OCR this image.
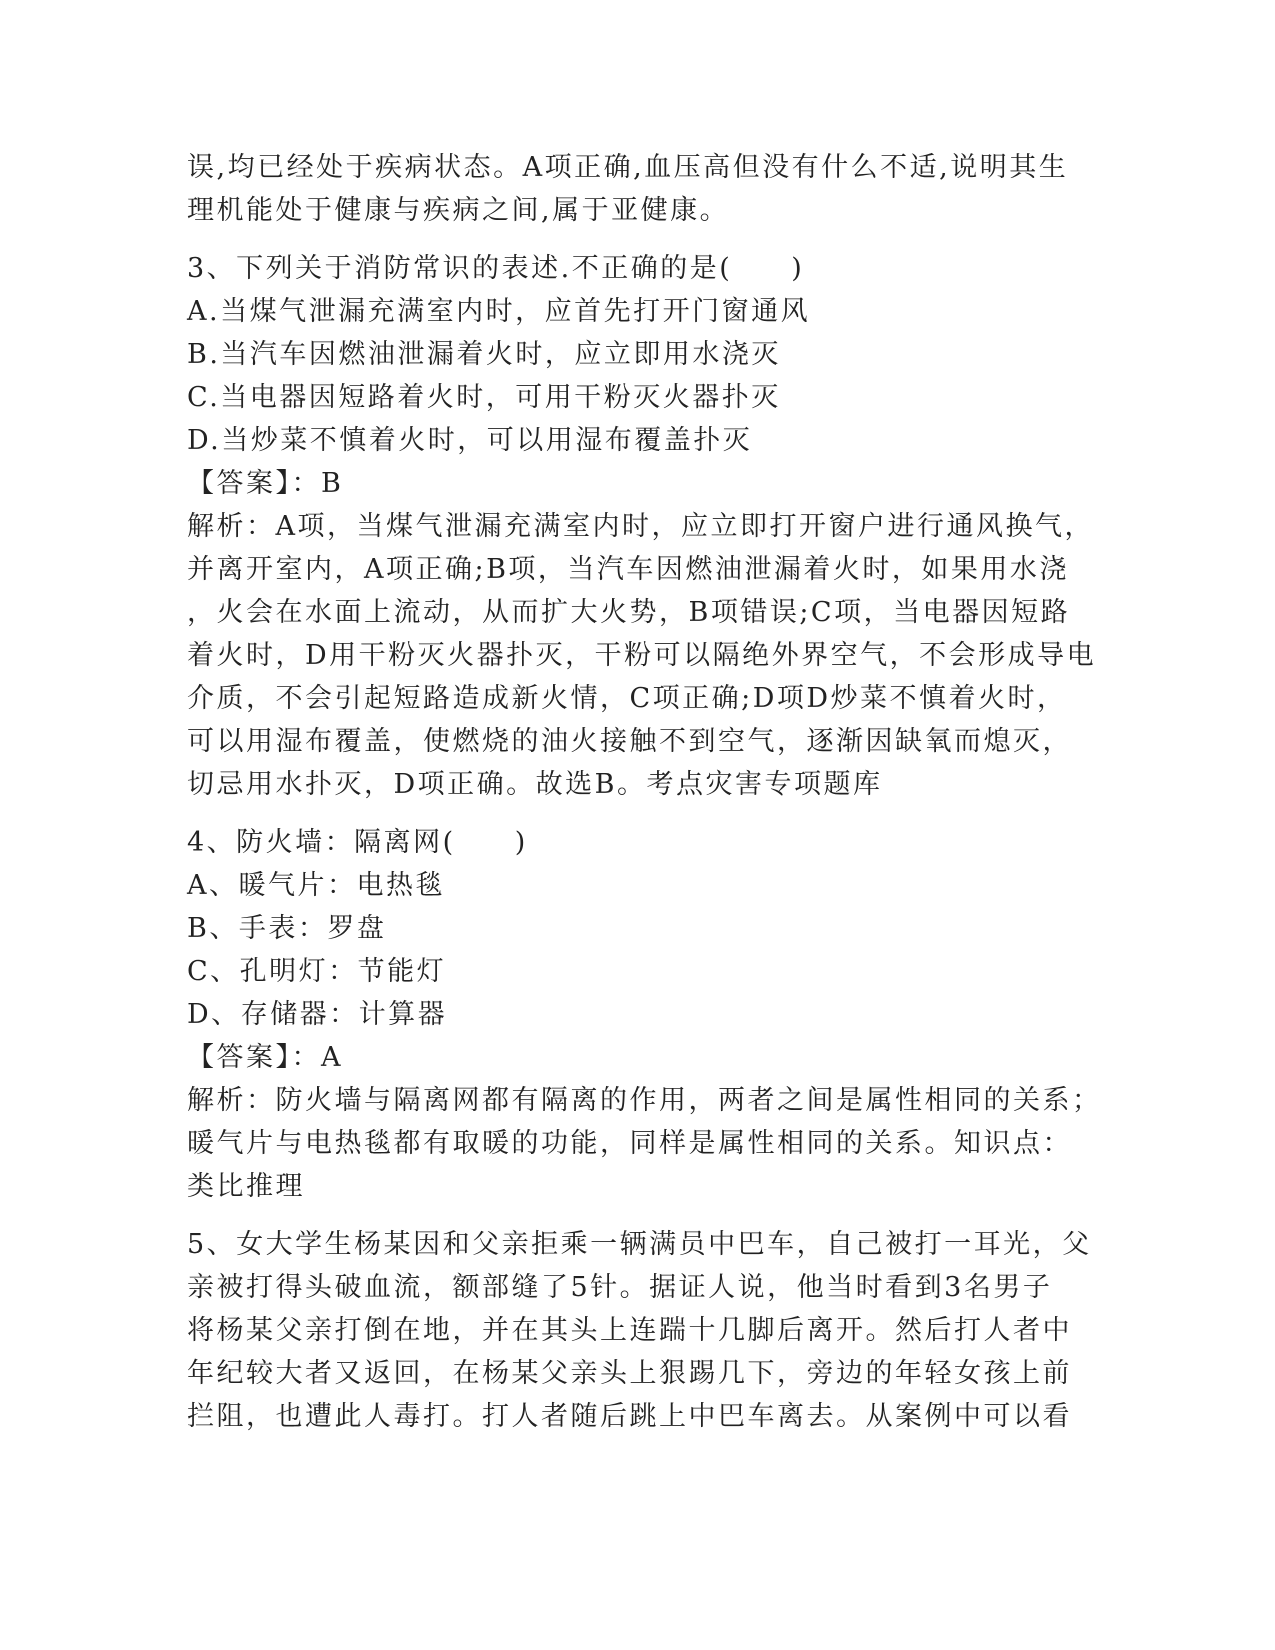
误,均已经处于疾病状态。A项正确,血压高但没有什么不适,说明其生
理机能处于健康与疾病之间,属于亚健康。
3、下列关于消防常识的表述.不正确的是(　　)
A.当煤气泄漏充满室内时，应首先打开门窗通风
B.当汽车因燃油泄漏着火时，应立即用水浇灭
C.当电器因短路着火时，可用干粉灭火器扑灭
D.当炒菜不慎着火时，可以用湿布覆盖扑灭
【答案】：B
解析：A项，当煤气泄漏充满室内时，应立即打开窗户进行通风换气，
并离开室内，A项正确;B项，当汽车因燃油泄漏着火时，如果用水浇
，火会在水面上流动，从而扩大火势，B项错误;C项，当电器因短路
着火时，D用干粉灭火器扑灭，干粉可以隔绝外界空气，不会形成导电
介质，不会引起短路造成新火情，C项正确;D项D炒菜不慎着火时，
可以用湿布覆盖，使燃烧的油火接触不到空气，逐渐因缺氧而熄灭，
切忌用水扑灭，D项正确。故选B。考点灾害专项题库
4、防火墙：隔离网(　　)
A、暖气片：电热毯
B、手表：罗盘
C、孔明灯：节能灯
D、存储器：计算器
【答案】：A
解析：防火墙与隔离网都有隔离的作用，两者之间是属性相同的关系；
暖气片与电热毯都有取暖的功能，同样是属性相同的关系。知识点：
类比推理
5、女大学生杨某因和父亲拒乘一辆满员中巴车，自己被打一耳光，父
亲被打得头破血流，额部缝了5针。据证人说，他当时看到3名男子
将杨某父亲打倒在地，并在其头上连踹十几脚后离开。然后打人者中
年纪较大者又返回，在杨某父亲头上狠踢几下，旁边的年轻女孩上前
拦阻，也遭此人毒打。打人者随后跳上中巴车离去。从案例中可以看
